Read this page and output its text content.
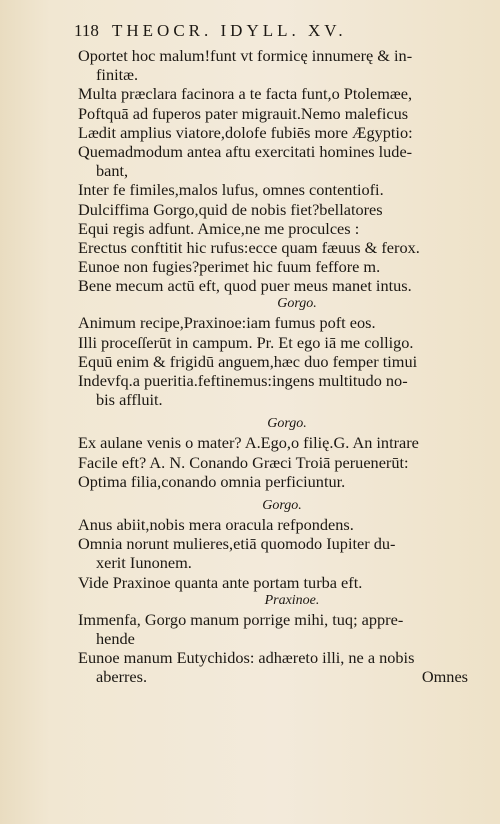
118 THEOCR. IDYLL. XV.
Oportet hoc malum!funt vt formicę innumerę & in-
finitæ.
Multa præclara facinora a te facta funt,o Ptolemæe,
Poftquā ad fuperos pater migrauit.Nemo maleficus
Lædit amplius viatore,dolofe fubiēs more Ægyptio:
Quemadmodum antea aftu exercitati homines lude-
bant,
Inter fe fimiles,malos lufus, omnes contentiofi.
Dulciffima Gorgo,quid de nobis fiet?bellatores
Equi regis adfunt. Amice,ne me proculces :
Erectus conftitit hic rufus:ecce quam fæuus & ferox.
Eunoe non fugies?perimet hic fuum feffore m.
Bene mecum actū eft, quod puer meus manet intus.
Gorgo.
Animum recipe,Praxinoe:iam fumus poft eos.
Illi proceſſerūt in campum. Pr. Et ego iā me colligo.
Equū enim & frigidū anguem,hæc duo femper timui
Indevfq.a pueritia.feftinemus:ingens multitudo no-
bis affluit.
Gorgo.
Ex aulane venis o mater? A.Ego,o filię.G. An intrare
Facile eft? A. N. Conando Græci Troiā peruenerūt:
Optima filia,conando omnia perficiuntur.
Gorgo.
Anus abiit,nobis mera oracula refpondens.
Omnia norunt mulieres,etiā quomodo Iupiter du-
xerit Iunonem.
Vide Praxinoe quanta ante portam turba eft.
Praxinoe.
Immenfa, Gorgo manum porrige mihi, tuq; appre-
hende
Eunoe manum Eutychidos: adhæreto illi, ne a nobis
aberres.	Omnes
